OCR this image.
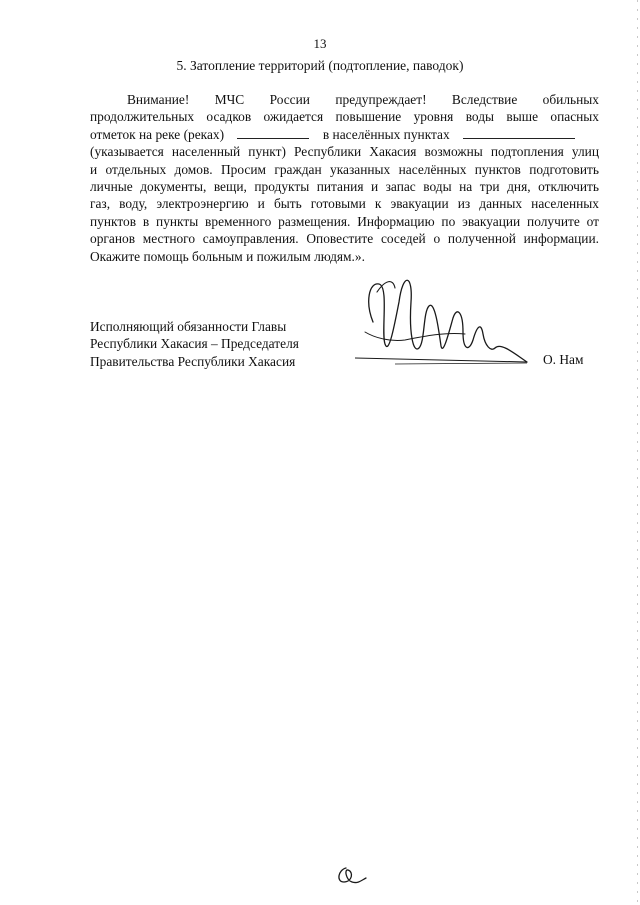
13
5. Затопление территорий (подтопление, паводок)
Внимание! МЧС России предупреждает! Вследствие обильных
продолжительных осадков ожидается повышение уровня воды выше опасных
отметок на реке (реках)	в населённых пунктах
(указывается населенный пункт) Республики Хакасия возможны подтопления улиц
и отдельных домов. Просим граждан указанных населённых пунктов подготовить
личные документы, вещи, продукты питания и запас воды на три дня, отключить
газ, воду, электроэнергию и быть готовыми к эвакуации из данных населенных
пунктов в пункты временного размещения. Информацию по эвакуации получите от
органов местного самоуправления. Оповестите соседей о полученной информации.
Окажите помощь больным и пожилым людям.».
Исполняющий обязанности Главы
Республики Хакасия – Председателя
Правительства Республики Хакасия	О. Нам
